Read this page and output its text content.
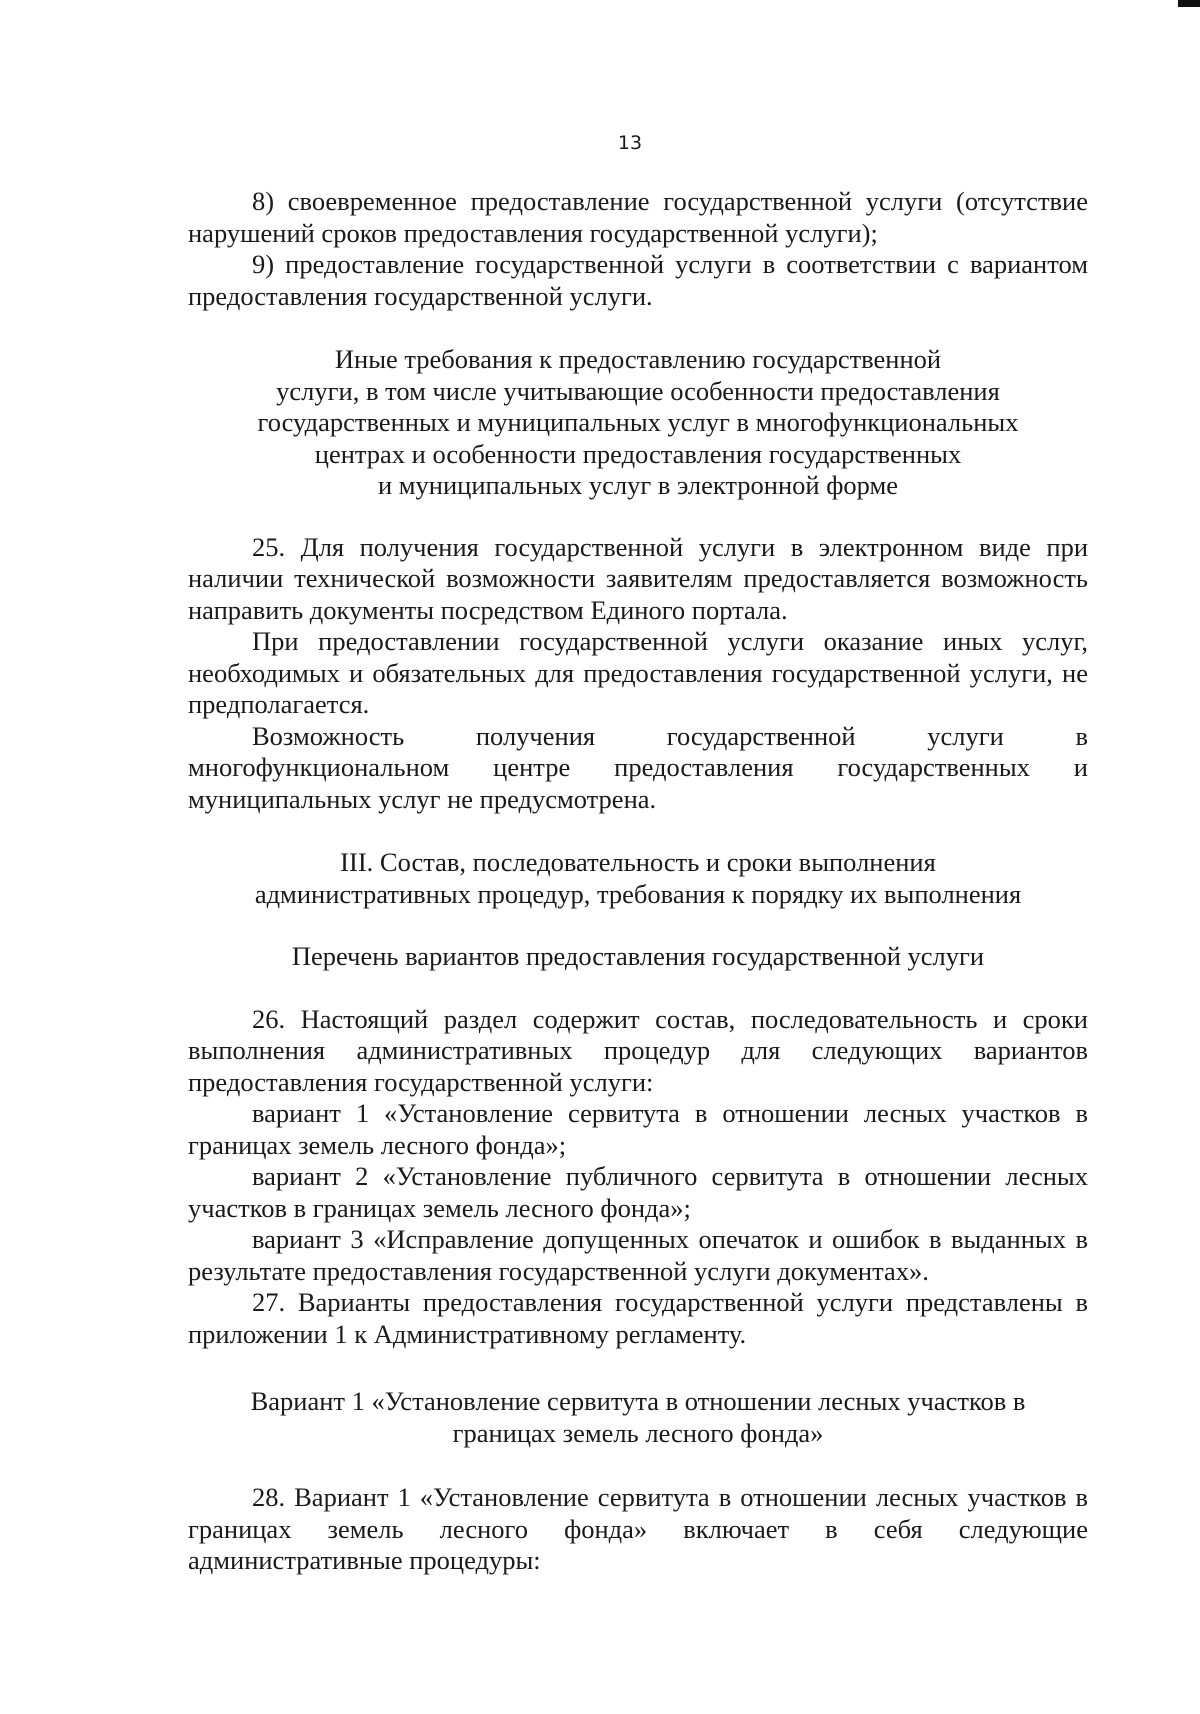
13

8) своевременное предоставление государственной услуги (отсутствие нарушений сроков предоставления государственной услуги);

9) предоставление государственной услуги в соответствии с вариантом предоставления государственной услуги.

Иные требования к предоставлению государственной

услуги, в том числе учитывающие особенности предоставления

государственных и муниципальных услуг в многофункциональных

центрах и особенности предоставления государственных

и муниципальных услуг в электронной форме

25. Для получения государственной услуги в электронном виде при наличии технической возможности заявителям предоставляется возможность направить документы посредством Единого портала.

При предоставлении государственной услуги оказание иных услуг, необходимых и обязательных для предоставления государственной услуги, не предполагается.

Возможность получения государственной услуги в многофункциональном центре предоставления государственных и муниципальных услуг не предусмотрена.

III. Состав, последовательность и сроки выполнения

административных процедур, требования к порядку их выполнения

Перечень вариантов предоставления государственной услуги

26. Настоящий раздел содержит состав, последовательность и сроки выполнения административных процедур для следующих вариантов предоставления государственной услуги:

вариант 1 «Установление сервитута в отношении лесных участков в границах земель лесного фонда»;

вариант 2 «Установление публичного сервитута в отношении лесных участков в границах земель лесного фонда»;

вариант 3 «Исправление допущенных опечаток и ошибок в выданных в результате предоставления государственной услуги документах».

27. Варианты предоставления государственной услуги представлены в приложении 1 к Административному регламенту.

Вариант 1 «Установление сервитута в отношении лесных участков в

границах земель лесного фонда»

28. Вариант 1 «Установление сервитута в отношении лесных участков в границах земель лесного фонда» включает в себя следующие административные процедуры:
